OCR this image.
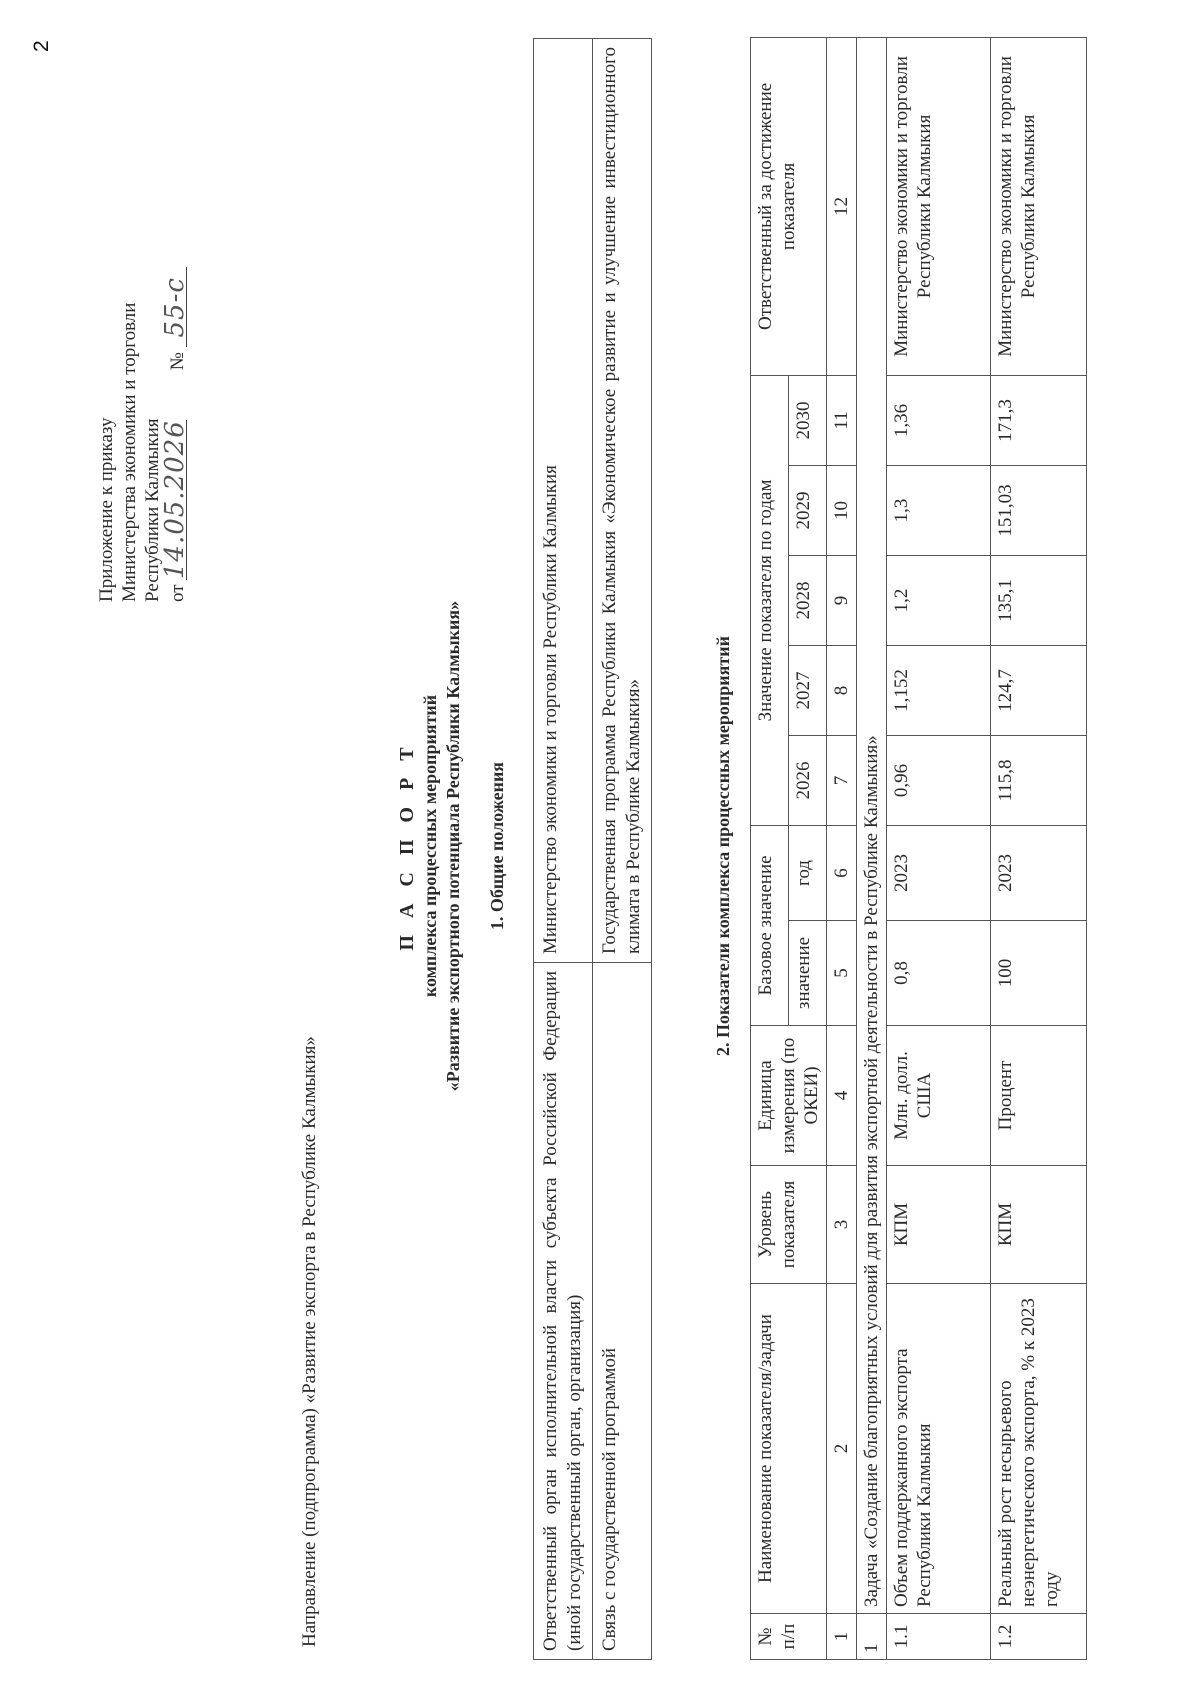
2
Приложение к приказу Министерства экономики и торговли Республики Калмыкия от 14.05.2026  № 55-с
Направление (подпрограмма) «Развитие экспорта в Республике Калмыкия»
П А С П О Р Т комплекса процессных мероприятий «Развитие экспортного потенциала Республики Калмыкия» 1. Общие положения
Ответственный орган исполнительной власти субъекта Российской Федерации (иной государственный орган, организация)	Министерство экономики и торговли Республики Калмыкия
Связь с государственной программой	Государственная программа Республики Калмыкия «Экономическое развитие и улучшение инвестиционного климата в Республике Калмыкия»	2. Показатели комплекса процессных мероприятий
№ п/п	Наименование показателя/задачи	Уровень показателя	Единица измерения (по ОКЕИ)	Базовое значение		Значение показателя по годам					Ответственный за достижение показателя
				значение	год	2026	2027	2028	2029	2030	
1	2	3	4	5	6	7	8	9	10	11	12
1	Задача «Создание благоприятных условий для развития экспортной деятельности в Республике Калмыкия»										
1.1	Объем поддержанного экспорта Республики Калмыкия	КПМ	Млн. долл. США	0,8	2023	0,96	1,152	1,2	1,3	1,36	Министерство экономики и торговли Республики Калмыкия
1.2	Реальный рост несырьевого неэнергетического экспорта, % к 2023 году	КПМ	Процент	100	2023	115,8	124,7	135,1	151,03	171,3	Министерство экономики и торговли Республики Калмыкия
